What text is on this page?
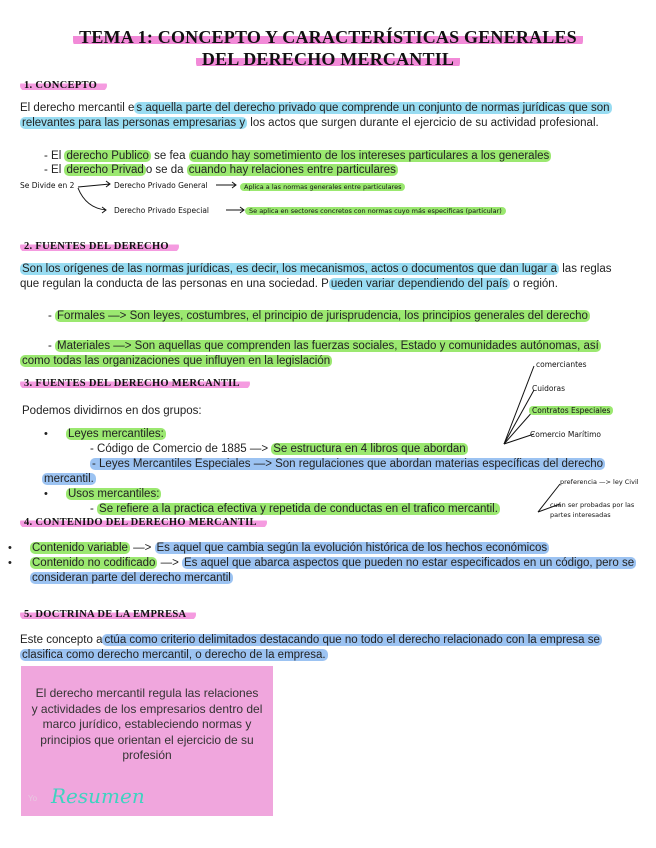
TEMA 1: CONCEPTO Y CARACTERÍSTICAS GENERALES
DEL DERECHO MERCANTIL
1. CONCEPTO
El derecho mercantil e s aquella parte del derecho privado que comprende un conjunto de normas jurídicas que son relevantes para las personas empresarias y los actos que surgen durante el ejercicio de su actividad profesional.
- El derecho Publico se fea cuando hay sometimiento de los intereses particulares a los generales
- El derecho Privad o se da cuando hay relaciones entre particulares
Se Divide en 2	Derecho Privado General	Aplica a las normas generales entre particulares
Derecho Privado Especial	Se aplica en sectores concretos con normas cuyo más especificas (particular)
2. FUENTES DEL DERECHO
Son los orígenes de las normas jurídicas, es decir, los mecanismos, actos o documentos que dan lugar a las reglas que regulan la conducta de las personas en una sociedad. P ueden variar dependiendo del país o región.
- Formales —> Son leyes, costumbres, el principio de jurisprudencia, los principios generales del derecho
- Materiales —> Son aquellas que comprenden las fuerzas sociales, Estado y comunidades autónomas, así como todas las organizaciones que influyen en la legislación
3. FUENTES DEL DERECHO MERCANTIL
Podemos dividirnos en dos grupos:
• Leyes mercantiles:
- Código de Comercio de 1885 —> Se estructura en 4 libros que abordan
- Leyes Mercantiles Especiales —> Son regulaciones que abordan materias específicas del derecho mercantil.
• Usos mercantiles:
- Se refiere a la practica efectiva y repetida de conductas en el trafico mercantil.
comerciantes
Cuidoras
Contratos Especiales
Comercio Marítimo
preferencia —> ley Civil
cuán ser probadas por las partes interesadas
4. CONTENIDO DEL DERECHO MERCANTIL
• Contenido variable —> Es aquel que cambia según la evolución histórica de los hechos económicos
• Contenido no codificado —> Es aquel que abarca aspectos que pueden no estar especificados en un código, pero se consideran parte del derecho mercantil
5. DOCTRINA DE LA EMPRESA
Este concepto a ctúa como criterio delimitados destacando que no todo el derecho relacionado con la empresa se clasifica como derecho mercantil, o derecho de la empresa.
El derecho mercantil regula las relaciones y actividades de los empresarios dentro del marco jurídico, estableciendo normas y principios que orientan el ejercicio de su profesión
Yo Resumen
